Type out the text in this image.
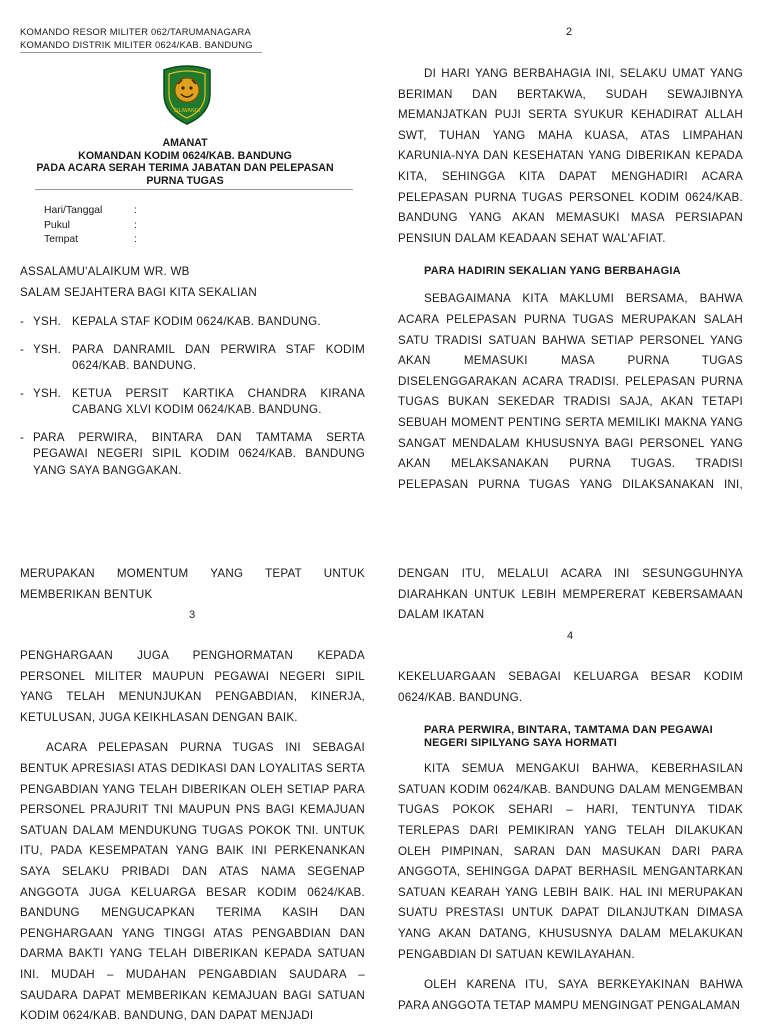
KOMANDO RESOR MILITER 062/TARUMANAGARA
KOMANDO DISTRIK MILITER 0624/KAB. BANDUNG
SILIWANGI
AMANAT
KOMANDAN KODIM 0624/KAB. BANDUNG
PADA ACARA SERAH TERIMA JABATAN DAN PELEPASAN
PURNA TUGAS
Hari/Tanggal	:
Pukul	:
Tempat	:
ASSALAMU'ALAIKUM WR. WB
SALAM SEJAHTERA BAGI KITA SEKALIAN
- YSH. KEPALA STAF KODIM 0624/KAB. BANDUNG.
- YSH. PARA DANRAMIL DAN PERWIRA STAF KODIM 0624/KAB. BANDUNG.
- YSH. KETUA PERSIT KARTIKA CHANDRA KIRANA CABANG XLVI KODIM 0624/KAB. BANDUNG.
- PARA PERWIRA, BINTARA DAN TAMTAMA SERTA PEGAWAI NEGERI SIPIL KODIM 0624/KAB. BANDUNG YANG SAYA BANGGAKAN.
2

DI HARI YANG BERBAHAGIA INI, SELAKU UMAT YANG BERIMAN DAN BERTAKWA, SUDAH SEWAJIBNYA MEMANJATKAN PUJI SERTA SYUKUR KEHADIRAT ALLAH SWT, TUHAN YANG MAHA KUASA, ATAS LIMPAHAN KARUNIA-NYA DAN KESEHATAN YANG DIBERIKAN KEPADA KITA, SEHINGGA KITA DAPAT MENGHADIRI ACARA PELEPASAN PURNA TUGAS PERSONEL KODIM 0624/KAB. BANDUNG YANG AKAN MEMASUKI MASA PERSIAPAN PENSIUN DALAM KEADAAN SEHAT WAL'AFIAT.

PARA HADIRIN SEKALIAN YANG BERBAHAGIA

SEBAGAIMANA KITA MAKLUMI BERSAMA, BAHWA ACARA PELEPASAN PURNA TUGAS MERUPAKAN SALAH SATU TRADISI SATUAN BAHWA SETIAP PERSONEL YANG AKAN MEMASUKI MASA PURNA TUGAS DISELENGGARAKAN ACARA TRADISI. PELEPASAN PURNA TUGAS BUKAN SEKEDAR TRADISI SAJA, AKAN TETAPI SEBUAH MOMENT PENTING SERTA MEMILIKI MAKNA YANG SANGAT MENDALAM KHUSUSNYA BAGI PERSONEL YANG AKAN MELAKSANAKAN PURNA TUGAS. TRADISI PELEPASAN PURNA TUGAS YANG DILAKSANAKAN INI,

MERUPAKAN MOMENTUM YANG TEPAT UNTUK MEMBERIKAN BENTUK

3

PENGHARGAAN JUGA PENGHORMATAN KEPADA PERSONEL MILITER MAUPUN PEGAWAI NEGERI SIPIL YANG TELAH MENUNJUKAN PENGABDIAN, KINERJA, KETULUSAN, JUGA KEIKHLASAN DENGAN BAIK.

ACARA PELEPASAN PURNA TUGAS INI SEBAGAI BENTUK APRESIASI ATAS DEDIKASI DAN LOYALITAS SERTA PENGABDIAN YANG TELAH DIBERIKAN OLEH SETIAP PARA PERSONEL PRAJURIT TNI MAUPUN PNS BAGI KEMAJUAN SATUAN DALAM MENDUKUNG TUGAS POKOK TNI. UNTUK ITU, PADA KESEMPATAN YANG BAIK INI PERKENANKAN SAYA SELAKU PRIBADI DAN ATAS NAMA SEGENAP ANGGOTA JUGA KELUARGA BESAR KODIM 0624/KAB. BANDUNG MENGUCAPKAN TERIMA KASIH DAN PENGHARGAAN YANG TINGGI ATAS PENGABDIAN DAN DARMA BAKTI YANG TELAH DIBERIKAN KEPADA SATUAN INI. MUDAH – MUDAHAN PENGABDIAN SAUDARA – SAUDARA DAPAT MEMBERIKAN KEMAJUAN BAGI SATUAN KODIM 0624/KAB. BANDUNG, DAN DAPAT MENJADI

DENGAN ITU, MELALUI ACARA INI SESUNGGUHNYA DIARAHKAN UNTUK LEBIH MEMPERERAT KEBERSAMAAN DALAM IKATAN

4

KEKELUARGAAN SEBAGAI KELUARGA BESAR KODIM 0624/KAB. BANDUNG.

PARA PERWIRA, BINTARA, TAMTAMA DAN PEGAWAI NEGERI SIPILYANG SAYA HORMATI

KITA SEMUA MENGAKUI BAHWA, KEBERHASILAN SATUAN KODIM 0624/KAB. BANDUNG DALAM MENGEMBAN TUGAS POKOK SEHARI – HARI, TENTUNYA TIDAK TERLEPAS DARI PEMIKIRAN YANG TELAH DILAKUKAN OLEH PIMPINAN, SARAN DAN MASUKAN DARI PARA ANGGOTA, SEHINGGA DAPAT BERHASIL MENGANTARKAN SATUAN KEARAH YANG LEBIH BAIK. HAL INI MERUPAKAN SUATU PRESTASI UNTUK DAPAT DILANJUTKAN DIMASA YANG AKAN DATANG, KHUSUSNYA DALAM MELAKUKAN PENGABDIAN DI SATUAN KEWILAYAHAN.

OLEH KARENA ITU, SAYA BERKEYAKINAN BAHWA PARA ANGGOTA TETAP MAMPU MENGINGAT PENGALAMAN
